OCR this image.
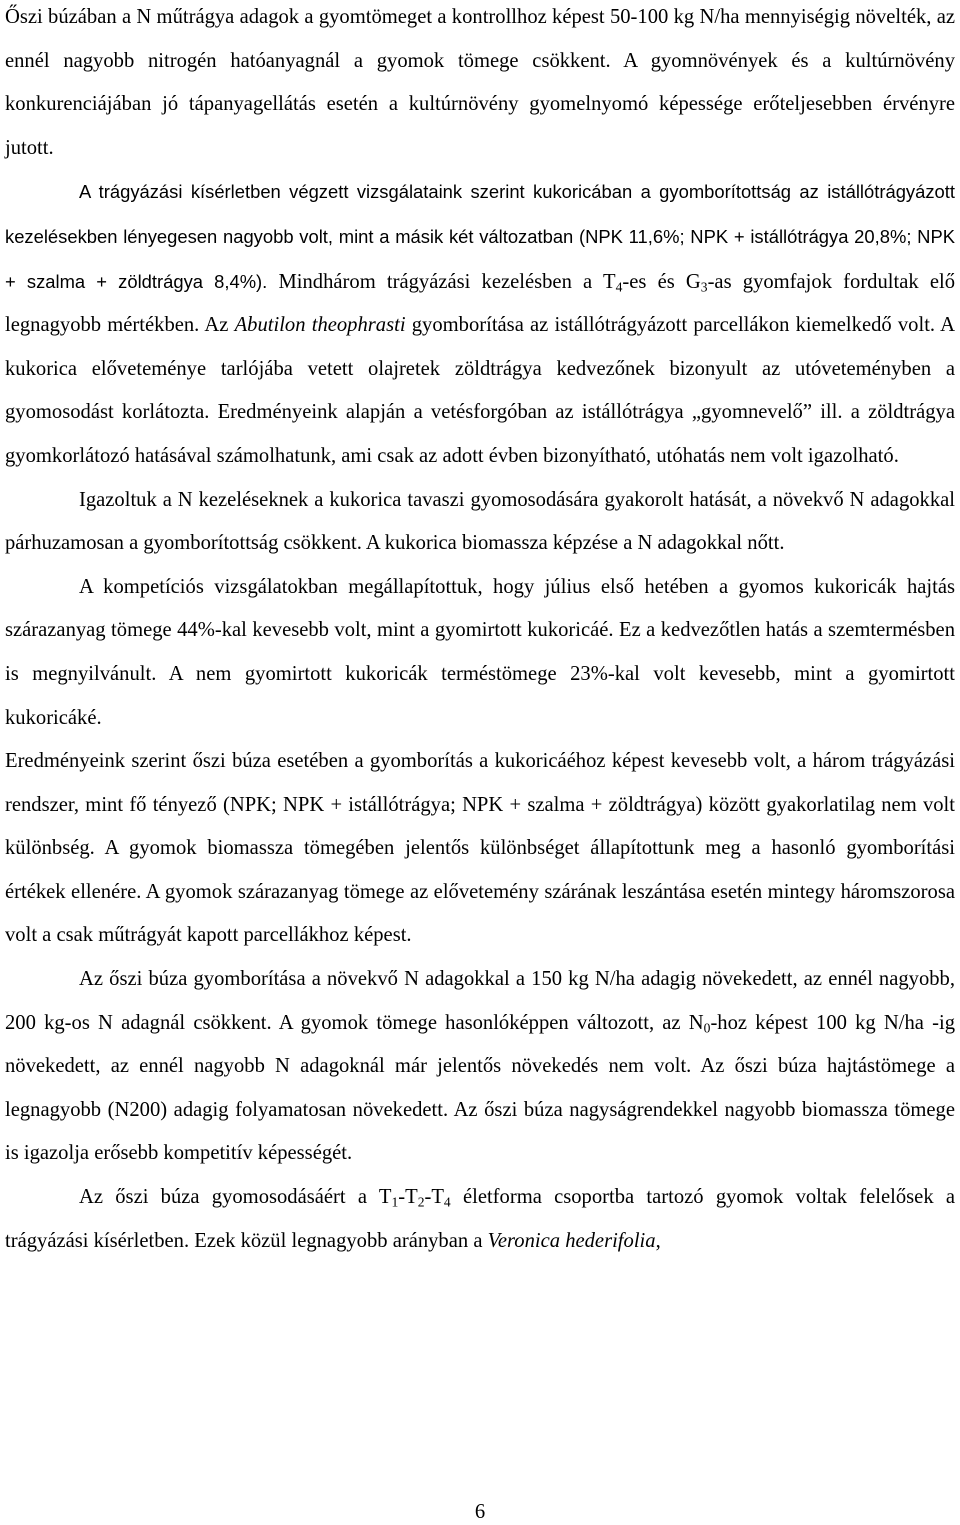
Őszi búzában a N műtrágya adagok a gyomtömeget a kontrollhoz képest 50-100 kg N/ha mennyiségig növelték, az ennél nagyobb nitrogén hatóanyagnál a gyomok tömege csökkent. A gyomnövények és a kultúrnövény konkurenciájában jó tápanyagellátás esetén a kultúrnövény gyomelnyomó képessége erőteljesebben érvényre jutott.

A trágyázási kísérletben végzett vizsgálataink szerint kukoricában a gyomborítottság az istállótrágyázott kezelésekben lényegesen nagyobb volt, mint a másik két változatban (NPK 11,6%; NPK + istállótrágya 20,8%; NPK + szalma + zöldtrágya 8,4%). Mindhárom trágyázási kezelésben a $T_4-es$ és $G_3-as$ gyomfajok fordultak elő legnagyobb mértékben. Az Abutilon theophrasti gyomborítása az istállótrágyázott parcellákon kiemelkedő volt. A kukorica előveteménye tarlójába vetett olajretek zöldtrágya kedvezőnek bizonyult az utóveteményben a gyomosodást korlátozta. Eredményeink alapján a vetésforgóban az istállótrágya „gyomnevelő” ill. a zöldtrágya gyomkorlátozó hatásával számolhatunk, ami csak az adott évben bizonyítható, utóhatás nem volt igazolható.

Igazoltuk a N kezeléseknek a kukorica tavaszi gyomosodására gyakorolt hatását, a növekvő N adagokkal párhuzamosan a gyomborítottság csökkent. A kukorica biomassza képzése a N adagokkal nőtt.

A kompetíciós vizsgálatokban megállapítottuk, hogy július első hetében a gyomos kukoricák hajtás szárazanyag tömege 44%-kal kevesebb volt, mint a gyomirtott kukoricáé. Ez a kedvezőtlen hatás a szemtermésben is megnyilvánult. A nem gyomirtott kukoricák terméstömege 23%-kal volt kevesebb, mint a gyomirtott kukoricáké.

Eredményeink szerint őszi búza esetében a gyomborítás a kukoricáéhoz képest kevesebb volt, a három trágyázási rendszer, mint fő tényező (NPK; NPK + istállótrágya; NPK + szalma + zöldtrágya) között gyakorlatilag nem volt különbség. A gyomok biomassza tömegében jelentős különbséget állapítottunk meg a hasonló gyomborítási értékek ellenére. A gyomok szárazanyag tömege az elővetemény szárának leszántása esetén mintegy háromszorosa volt a csak műtrágyát kapott parcellákhoz képest.

Az őszi búza gyomborítása a növekvő N adagokkal a 150 kg N/ha adagig növekedett, az ennél nagyobb, 200 kg-os N adagnál csökkent. A gyomok tömege hasonlóképpen változott, az $N_0$-hoz képest 100 kg N/ha -ig növekedett, az ennél nagyobb N adagoknál már jelentős növekedés nem volt. Az őszi búza hajtástömege a legnagyobb (N200) adagig folyamatosan növekedett. Az őszi búza nagyságrendekkel nagyobb biomassza tömege is igazolja erősebb kompetitív képességét.

Az őszi búza gyomosodásáért a $T_1-T_2-T_4$ életforma csoportba tartozó gyomok voltak felelősek a trágyázási kísérletben. Ezek közül legnagyobb arányban a Veronica hederifolia,

6
